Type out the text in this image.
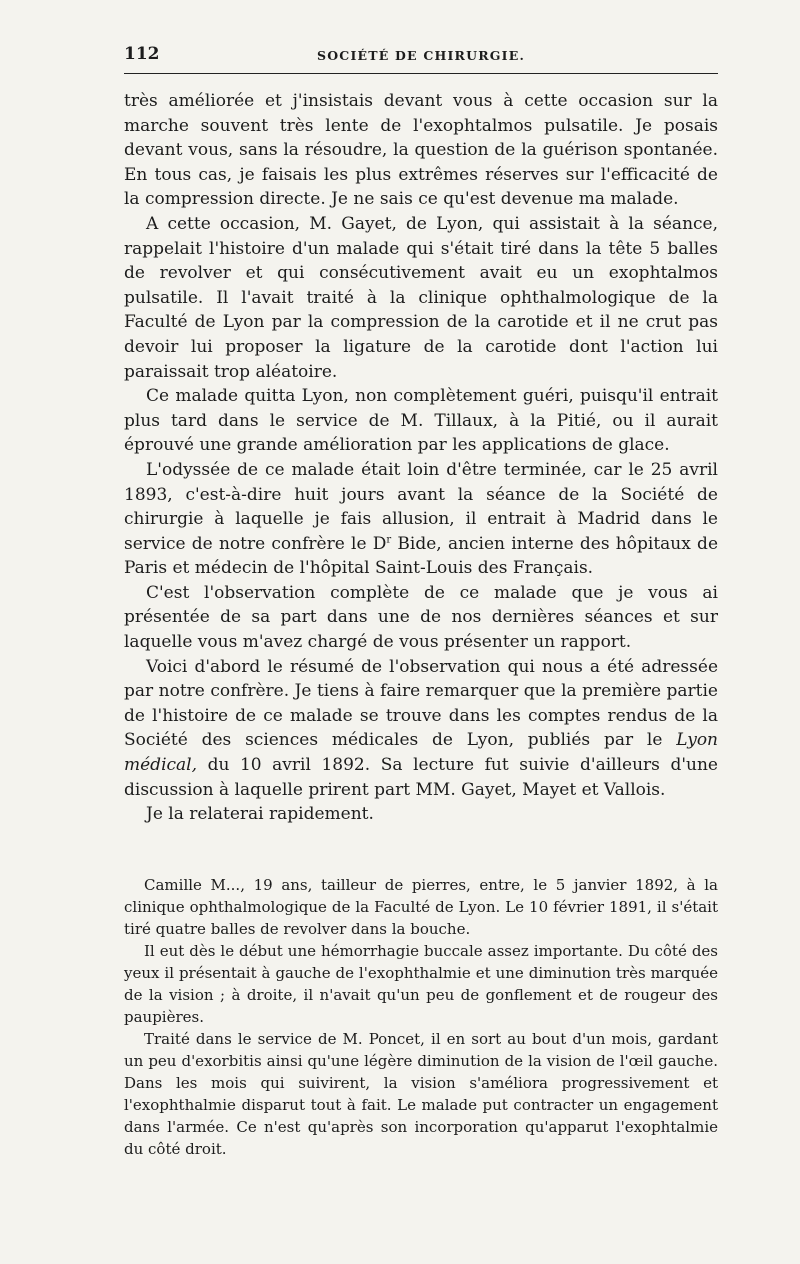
112	SOCIÉTÉ DE CHIRURGIE.

très améliorée et j'insistais devant vous à cette occasion sur la marche souvent très lente de l'exophtalmos pulsatile. Je posais devant vous, sans la résoudre, la question de la guérison spontanée. En tous cas, je faisais les plus extrêmes réserves sur l'efficacité de la compression directe. Je ne sais ce qu'est devenue ma malade.

A cette occasion, M. Gayet, de Lyon, qui assistait à la séance, rappelait l'histoire d'un malade qui s'était tiré dans la tête 5 balles de revolver et qui consécutivement avait eu un exophtalmos pulsatile. Il l'avait traité à la clinique ophthalmologique de la Faculté de Lyon par la compression de la carotide et il ne crut pas devoir lui proposer la ligature de la carotide dont l'action lui paraissait trop aléatoire.

Ce malade quitta Lyon, non complètement guéri, puisqu'il entrait plus tard dans le service de M. Tillaux, à la Pitié, ou il aurait éprouvé une grande amélioration par les applications de glace.

L'odyssée de ce malade était loin d'être terminée, car le 25 avril 1893, c'est-à-dire huit jours avant la séance de la Société de chirurgie à laquelle je fais allusion, il entrait à Madrid dans le service de notre confrère le $D^r$ Bide, ancien interne des hôpitaux de Paris et médecin de l'hôpital Saint-Louis des Français.

C'est l'observation complète de ce malade que je vous ai présentée de sa part dans une de nos dernières séances et sur laquelle vous m'avez chargé de vous présenter un rapport.

Voici d'abord le résumé de l'observation qui nous a été adressée par notre confrère. Je tiens à faire remarquer que la première partie de l'histoire de ce malade se trouve dans les comptes rendus de la Société des sciences médicales de Lyon, publiés par le Lyon médical, du 10 avril 1892. Sa lecture fut suivie d'ailleurs d'une discussion à laquelle prirent part MM. Gayet, Mayet et Vallois.

Je la relaterai rapidement.

Camille M..., 19 ans, tailleur de pierres, entre, le 5 janvier 1892, à la clinique ophthalmologique de la Faculté de Lyon. Le 10 février 1891, il s'était tiré quatre balles de revolver dans la bouche.

Il eut dès le début une hémorrhagie buccale assez importante. Du côté des yeux il présentait à gauche de l'exophthalmie et une diminution très marquée de la vision ; à droite, il n'avait qu'un peu de gonflement et de rougeur des paupières.

Traité dans le service de M. Poncet, il en sort au bout d'un mois, gardant un peu d'exorbitis ainsi qu'une légère diminution de la vision de l'œil gauche. Dans les mois qui suivirent, la vision s'améliora progressivement et l'exophthalmie disparut tout à fait. Le malade put contracter un engagement dans l'armée. Ce n'est qu'après son incorporation qu'apparut l'exophtalmie du côté droit.
